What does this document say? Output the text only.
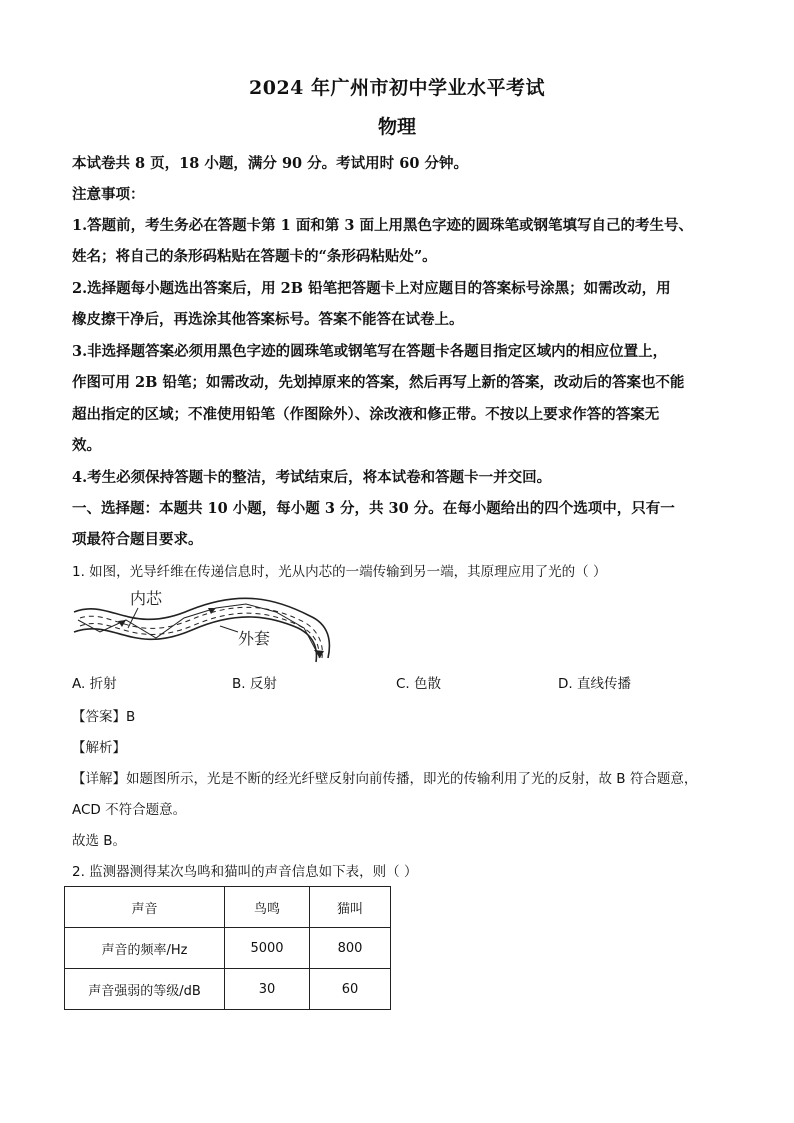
2024 年广州市初中学业水平考试
物理
本试卷共 8 页，18 小题，满分 90 分。考试用时 60 分钟。
注意事项：
1.答题前，考生务必在答题卡第 1 面和第 3 面上用黑色字迹的圆珠笔或钢笔填写自己的考生号、
姓名；将自己的条形码粘贴在答题卡的“条形码粘贴处”。
2.选择题每小题选出答案后，用 2B 铅笔把答题卡上对应题目的答案标号涂黑；如需改动，用
橡皮擦干净后，再选涂其他答案标号。答案不能答在试卷上。
3.非选择题答案必须用黑色字迹的圆珠笔或钢笔写在答题卡各题目指定区域内的相应位置上，
作图可用 2B 铅笔；如需改动，先划掉原来的答案，然后再写上新的答案，改动后的答案也不能
超出指定的区域；不准使用铅笔（作图除外）、涂改液和修正带。不按以上要求作答的答案无
效。
4.考生必须保持答题卡的整洁，考试结束后，将本试卷和答题卡一并交回。
一、选择题：本题共 10 小题，每小题 3 分，共 30 分。在每小题给出的四个选项中，只有一
项最符合题目要求。
1. 如图，光导纤维在传递信息时，光从内芯的一端传输到另一端，其原理应用了光的（ ）
内芯
外套
A. 折射	B. 反射	C. 色散	D. 直线传播
【答案】B
【解析】
【详解】如题图所示，光是不断的经光纤壁反射向前传播，即光的传输利用了光的反射，故 B 符合题意，
ACD 不符合题意。
故选 B。
2. 监测器测得某次鸟鸣和猫叫的声音信息如下表，则（ ）
声音	鸟鸣	猫叫
声音的频率/Hz	5000	800
声音强弱的等级/dB	30	60
